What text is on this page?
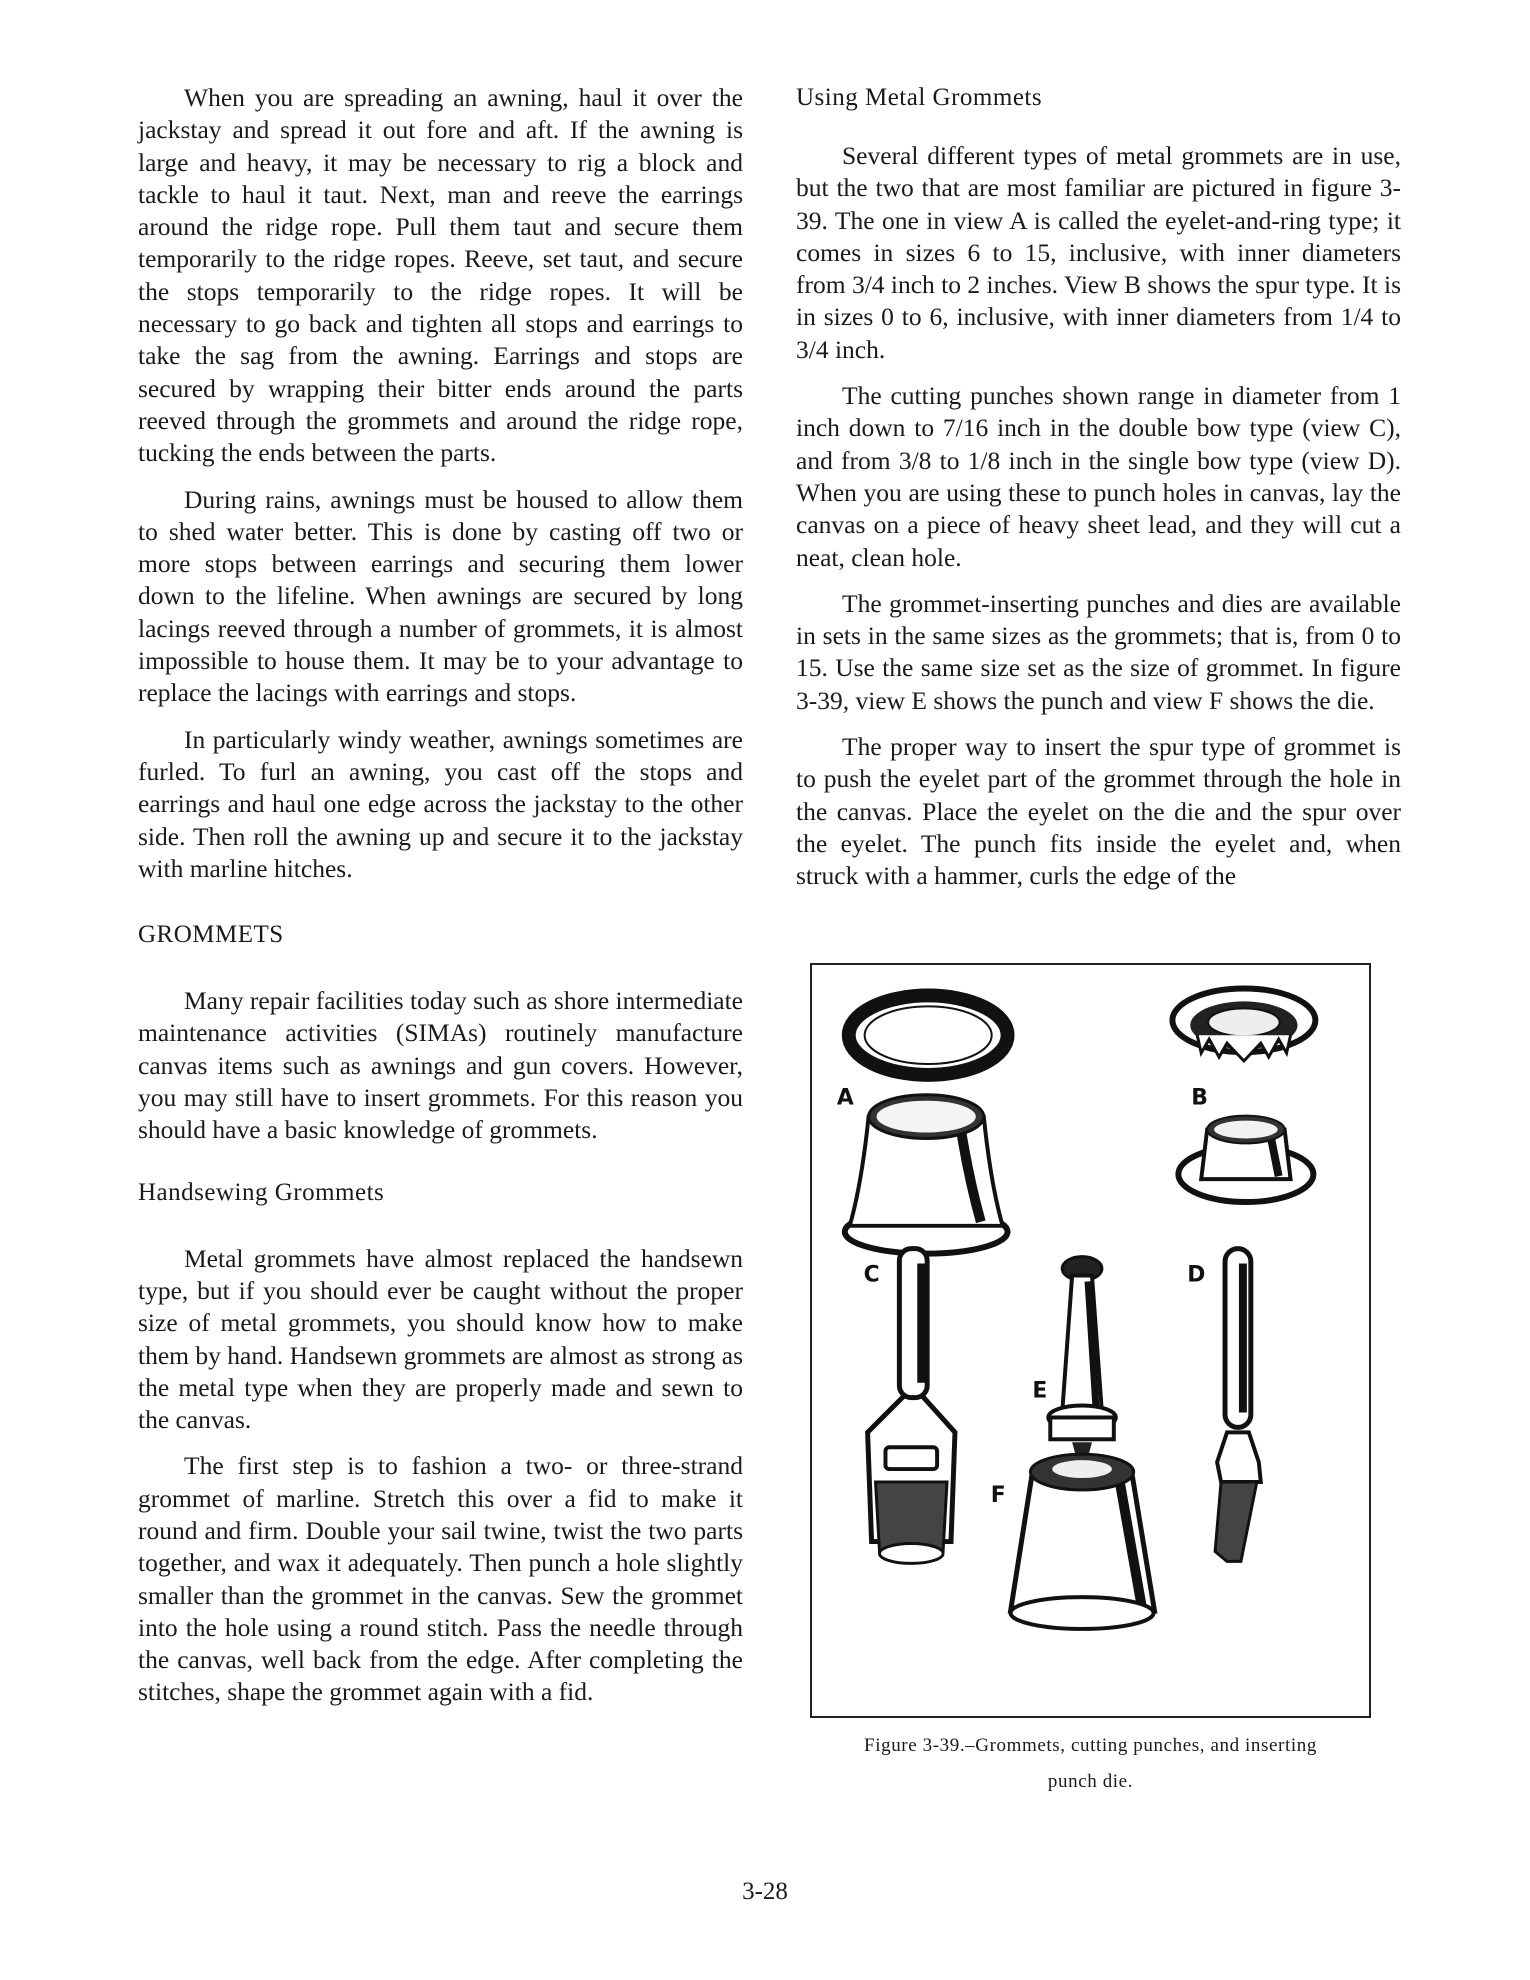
When you are spreading an awning, haul it over the jackstay and spread it out fore and aft. If the awning is large and heavy, it may be necessary to rig a block and tackle to haul it taut. Next, man and reeve the earrings around the ridge rope. Pull them taut and secure them temporarily to the ridge ropes. Reeve, set taut, and secure the stops temporarily to the ridge ropes. It will be necessary to go back and tighten all stops and earrings to take the sag from the awning. Earrings and stops are secured by wrapping their bitter ends around the parts reeved through the grommets and around the ridge rope, tucking the ends between the parts.

During rains, awnings must be housed to allow them to shed water better. This is done by casting off two or more stops between earrings and securing them lower down to the lifeline. When awnings are secured by long lacings reeved through a number of grommets, it is almost impossible to house them. It may be to your advantage to replace the lacings with earrings and stops.

In particularly windy weather, awnings sometimes are furled. To furl an awning, you cast off the stops and earrings and haul one edge across the jackstay to the other side. Then roll the awning up and secure it to the jackstay with marline hitches.

GROMMETS

Many repair facilities today such as shore intermediate maintenance activities (SIMAs) routinely manufacture canvas items such as awnings and gun covers. However, you may still have to insert grommets. For this reason you should have a basic knowledge of grommets.

Handsewing Grommets

Metal grommets have almost replaced the handsewn type, but if you should ever be caught without the proper size of metal grommets, you should know how to make them by hand. Handsewn grommets are almost as strong as the metal type when they are properly made and sewn to the canvas.

The first step is to fashion a two- or three-strand grommet of marline. Stretch this over a fid to make it round and firm. Double your sail twine, twist the two parts together, and wax it adequately. Then punch a hole slightly smaller than the grommet in the canvas. Sew the grommet into the hole using a round stitch. Pass the needle through the canvas, well back from the edge. After completing the stitches, shape the grommet again with a fid.

Using Metal Grommets

Several different types of metal grommets are in use, but the two that are most familiar are pictured in figure 3-39. The one in view A is called the eyelet-and-ring type; it comes in sizes 6 to 15, inclusive, with inner diameters from 3/4 inch to 2 inches. View B shows the spur type. It is in sizes 0 to 6, inclusive, with inner diameters from 1/4 to 3/4 inch.

The cutting punches shown range in diameter from 1 inch down to 7/16 inch in the double bow type (view C), and from 3/8 to 1/8 inch in the single bow type (view D). When you are using these to punch holes in canvas, lay the canvas on a piece of heavy sheet lead, and they will cut a neat, clean hole.

The grommet-inserting punches and dies are available in sets in the same sizes as the grommets; that is, from 0 to 15. Use the same size set as the size of grommet. In figure 3-39, view E shows the punch and view F shows the die.

The proper way to insert the spur type of grommet is to push the eyelet part of the grommet through the hole in the canvas. Place the eyelet on the die and the spur over the eyelet. The punch fits inside the eyelet and, when struck with a hammer, curls the edge of the

A	B
C
E
F
D
Figure 3-39.–Grommets, cutting punches, and inserting
punch die.
3-28
